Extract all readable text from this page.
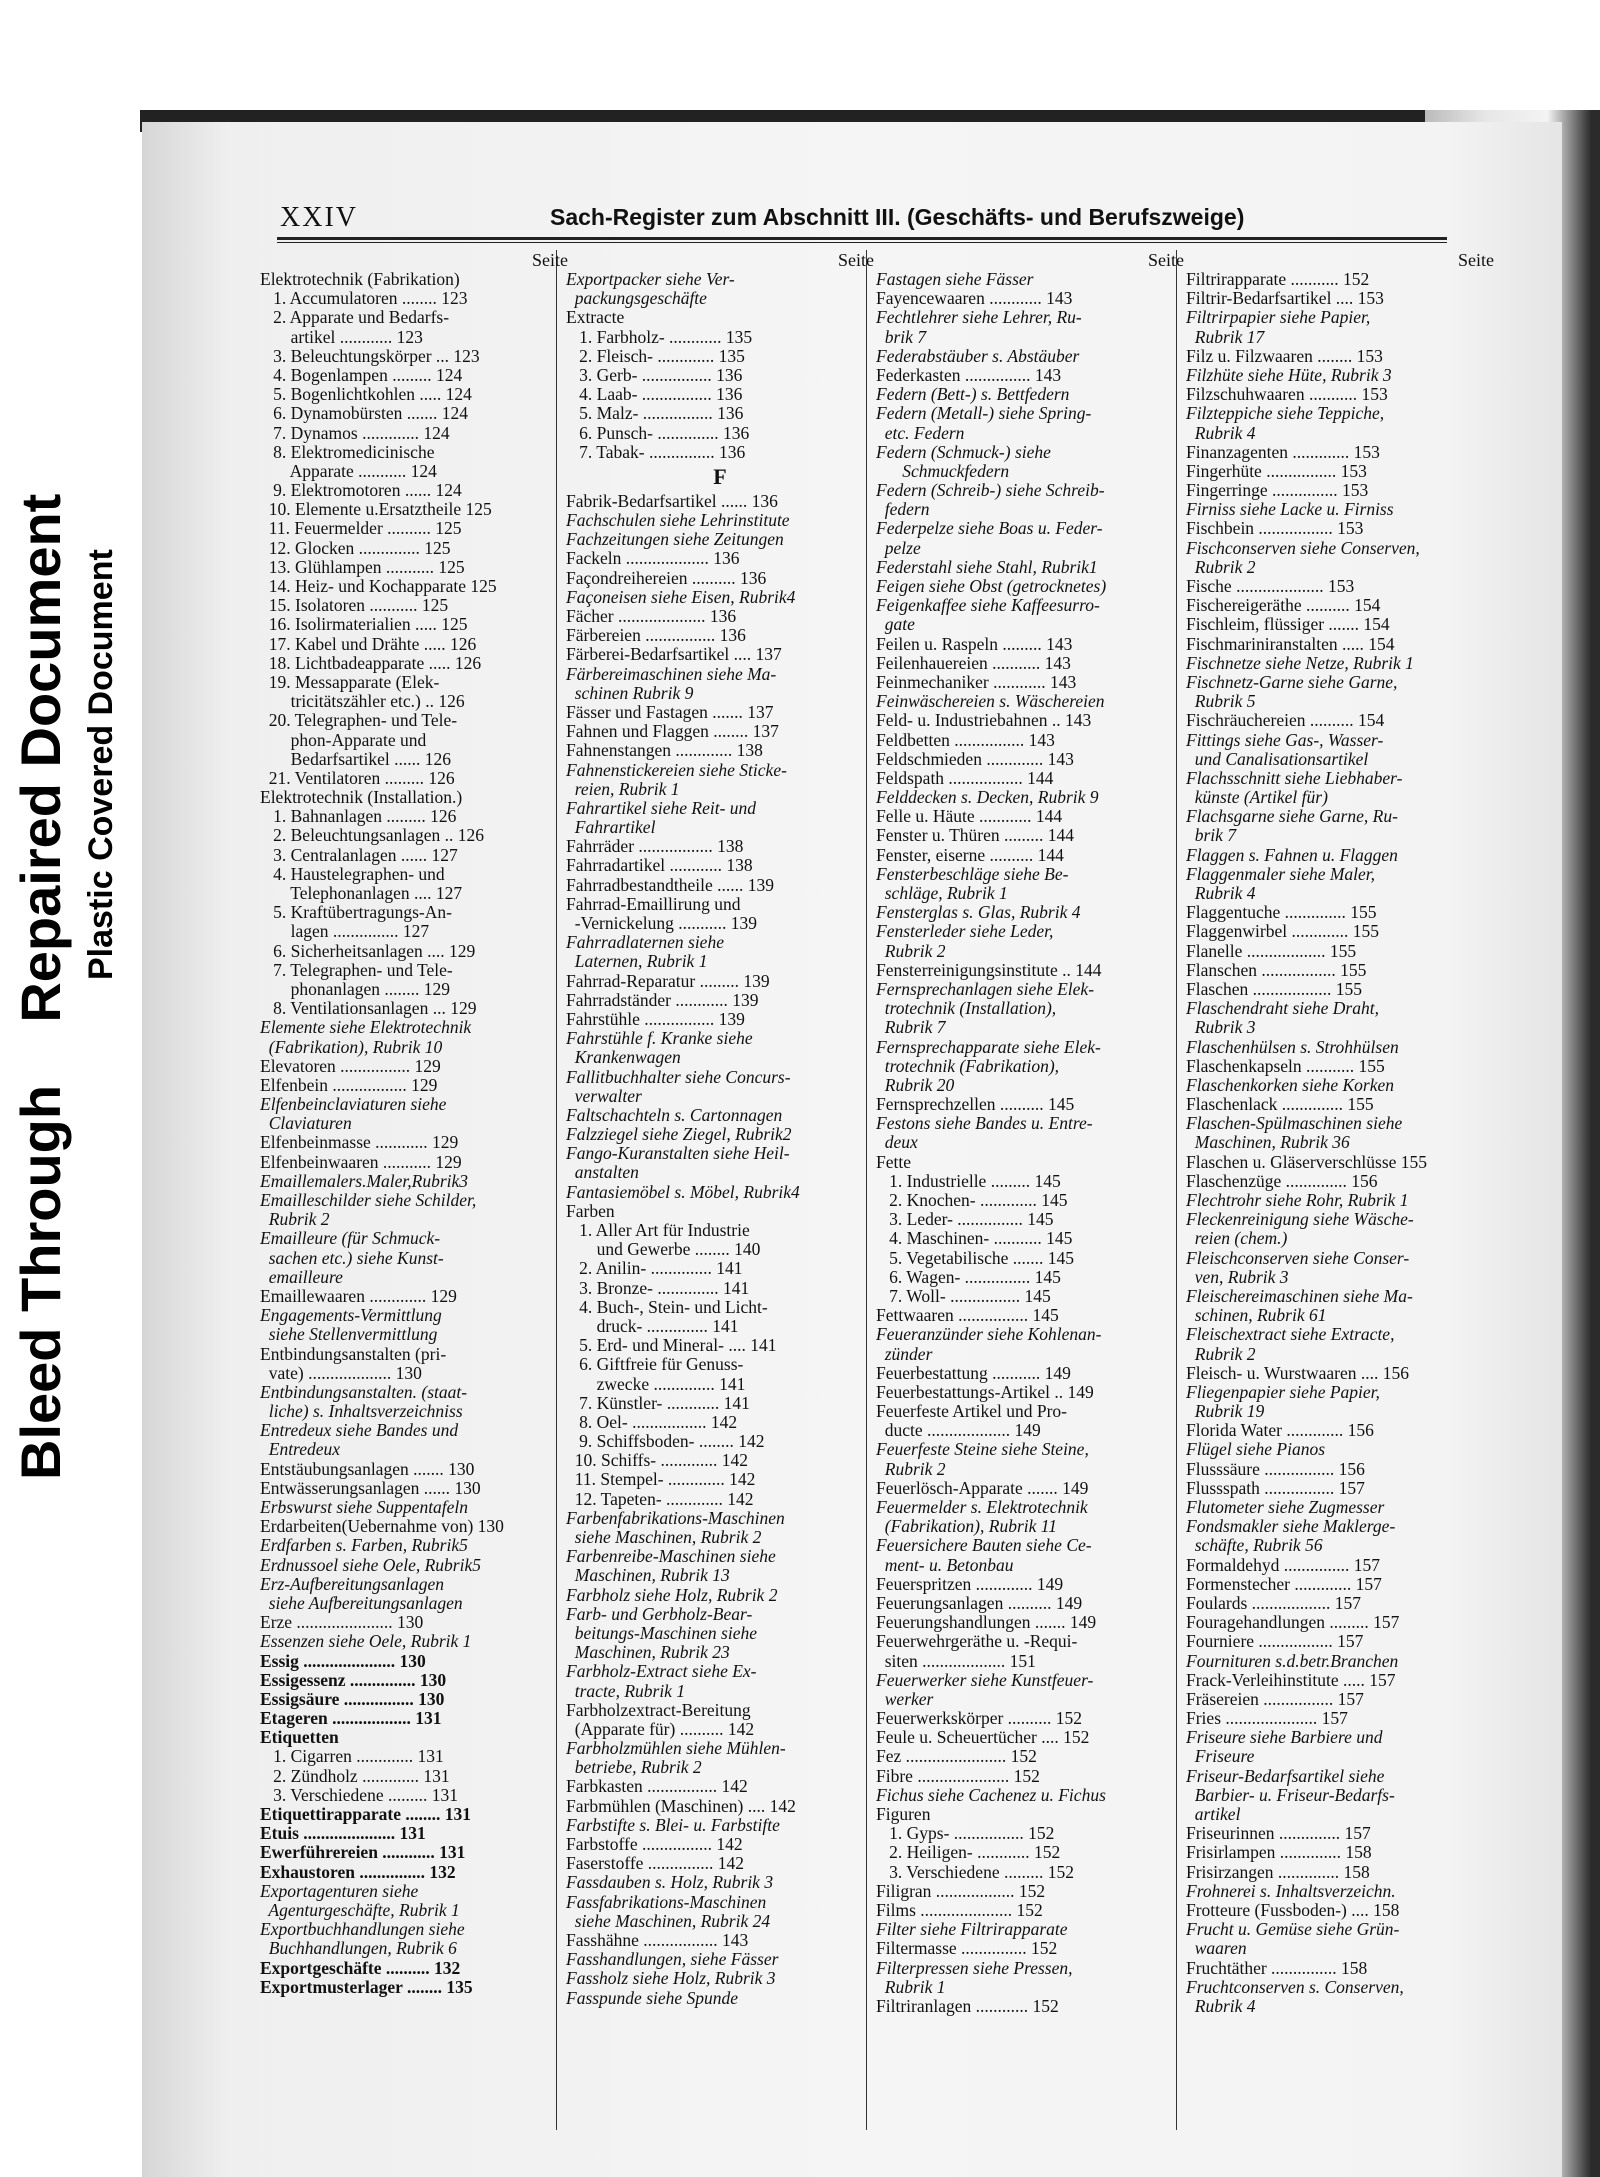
Bleed Through    Repaired Document Plastic Covered Document
XXIV	Sach-Register zum Abschnitt III. (Geschäfts- und Berufszweige)
Seite
Elektrotechnik (Fabrikation)
1. Accumulatoren ........ 123
2. Apparate und Bedarfs-
artikel ............ 123
3. Beleuchtungskörper ... 123
4. Bogenlampen ......... 124
5. Bogenlichtkohlen ..... 124
6. Dynamobürsten ....... 124
7. Dynamos ............. 124
8. Elektromedicinische
Apparate ........... 124
9. Elektromotoren ...... 124
10. Elemente u.Ersatztheile 125
11. Feuermelder .......... 125
12. Glocken .............. 125
13. Glühlampen ........... 125
14. Heiz- und Kochapparate 125
15. Isolatoren ........... 125
16. Isolirmaterialien ..... 125
17. Kabel und Drähte ..... 126
18. Lichtbadeapparate ..... 126
19. Messapparate (Elek-
tricitätszähler etc.) .. 126
20. Telegraphen- und Tele-
phon-Apparate und
Bedarfsartikel ...... 126
21. Ventilatoren ......... 126
Elektrotechnik (Installation.)
1. Bahnanlagen ......... 126
2. Beleuchtungsanlagen .. 126
3. Centralanlagen ...... 127
4. Haustelegraphen- und
Telephonanlagen .... 127
5. Kraftübertragungs-An-
lagen ............... 127
6. Sicherheitsanlagen .... 129
7. Telegraphen- und Tele-
phonanlagen ........ 129
8. Ventilationsanlagen ... 129
Elemente siehe Elektrotechnik
(Fabrikation), Rubrik 10
Elevatoren ................ 129
Elfenbein ................. 129
Elfenbeinclaviaturen siehe
Claviaturen
Elfenbeinmasse ............ 129
Elfenbeinwaaren ........... 129
Emaillemalers.Maler,Rubrik3
Emailleschilder siehe Schilder,
Rubrik 2
Emailleure (für Schmuck-
sachen etc.) siehe Kunst-
emailleure
Emaillewaaren ............. 129
Engagements-Vermittlung
siehe Stellenvermittlung
Entbindungsanstalten (pri-
vate) ................... 130
Entbindungsanstalten. (staat-
liche) s. Inhaltsverzeichniss
Entredeux siehe Bandes und
Entredeux
Entstäubungsanlagen ....... 130
Entwässerungsanlagen ...... 130
Erbswurst siehe Suppentafeln
Erdarbeiten(Uebernahme von) 130
Erdfarben s. Farben, Rubrik5
Erdnussoel siehe Oele, Rubrik5
Erz-Aufbereitungsanlagen
siehe Aufbereitungsanlagen
Erze ...................... 130
Essenzen siehe Oele, Rubrik 1
Essig ..................... 130
Essigessenz ............... 130
Essigsäure ................ 130
Etageren .................. 131
Etiquetten
1. Cigarren ............. 131
2. Zündholz ............. 131
3. Verschiedene ......... 131
Etiquettirapparate ........ 131
Etuis ..................... 131
Ewerführereien ............ 131
Exhaustoren ............... 132
Exportagenturen siehe
Agenturgeschäfte, Rubrik 1
Exportbuchhandlungen siehe
Buchhandlungen, Rubrik 6
Exportgeschäfte .......... 132
Exportmusterlager ........ 135
Seite
Exportpacker siehe Ver-
packungsgeschäfte
Extracte
1. Farbholz- ............ 135
2. Fleisch- ............. 135
3. Gerb- ................ 136
4. Laab- ................ 136
5. Malz- ................ 136
6. Punsch- .............. 136
7. Tabak- ............... 136
F
Fabrik-Bedarfsartikel ...... 136
Fachschulen siehe Lehrinstitute
Fachzeitungen siehe Zeitungen
Fackeln ................... 136
Façondreihereien .......... 136
Façoneisen siehe Eisen, Rubrik4
Fächer .................... 136
Färbereien ................ 136
Färberei-Bedarfsartikel .... 137
Färbereimaschinen siehe Ma-
schinen Rubrik 9
Fässer und Fastagen ....... 137
Fahnen und Flaggen ........ 137
Fahnenstangen ............. 138
Fahnenstickereien siehe Sticke-
reien, Rubrik 1
Fahrartikel siehe Reit- und
Fahrartikel
Fahrräder ................. 138
Fahrradartikel ............ 138
Fahrradbestandtheile ...... 139
Fahrrad-Emaillirung und
-Vernickelung ........... 139
Fahrradlaternen siehe
Laternen, Rubrik 1
Fahrrad-Reparatur ......... 139
Fahrradständer ............ 139
Fahrstühle ................ 139
Fahrstühle f. Kranke siehe
Krankenwagen
Fallitbuchhalter siehe Concurs-
verwalter
Faltschachteln s. Cartonnagen
Falzziegel siehe Ziegel, Rubrik2
Fango-Kuranstalten siehe Heil-
anstalten
Fantasiemöbel s. Möbel, Rubrik4
Farben
1. Aller Art für Industrie
und Gewerbe ........ 140
2. Anilin- .............. 141
3. Bronze- .............. 141
4. Buch-, Stein- und Licht-
druck- .............. 141
5. Erd- und Mineral- .... 141
6. Giftfreie für Genuss-
zwecke .............. 141
7. Künstler- ............ 141
8. Oel- ................. 142
9. Schiffsboden- ........ 142
10. Schiffs- ............. 142
11. Stempel- ............. 142
12. Tapeten- ............. 142
Farbenfabrikations-Maschinen
siehe Maschinen, Rubrik 2
Farbenreibe-Maschinen siehe
Maschinen, Rubrik 13
Farbholz siehe Holz, Rubrik 2
Farb- und Gerbholz-Bear-
beitungs-Maschinen siehe
Maschinen, Rubrik 23
Farbholz-Extract siehe Ex-
tracte, Rubrik 1
Farbholzextract-Bereitung
(Apparate für) .......... 142
Farbholzmühlen siehe Mühlen-
betriebe, Rubrik 2
Farbkasten ................ 142
Farbmühlen (Maschinen) .... 142
Farbstifte s. Blei- u. Farbstifte
Farbstoffe ................ 142
Faserstoffe ............... 142
Fassdauben s. Holz, Rubrik 3
Fassfabrikations-Maschinen
siehe Maschinen, Rubrik 24
Fasshähne ................. 143
Fasshandlungen, siehe Fässer
Fassholz siehe Holz, Rubrik 3
Fasspunde siehe Spunde
Seite
Fastagen siehe Fässer
Fayencewaaren ............ 143
Fechtlehrer siehe Lehrer, Ru-
brik 7
Federabstäuber s. Abstäuber
Federkasten ............... 143
Federn (Bett-) s. Bettfedern
Federn (Metall-) siehe Spring-
etc. Federn
Federn (Schmuck-) siehe
Schmuckfedern
Federn (Schreib-) siehe Schreib-
federn
Federpelze siehe Boas u. Feder-
pelze
Federstahl siehe Stahl, Rubrik1
Feigen siehe Obst (getrocknetes)
Feigenkaffee siehe Kaffeesurro-
gate
Feilen u. Raspeln ......... 143
Feilenhauereien ........... 143
Feinmechaniker ............ 143
Feinwäschereien s. Wäschereien
Feld- u. Industriebahnen .. 143
Feldbetten ................ 143
Feldschmieden ............. 143
Feldspath ................. 144
Felddecken s. Decken, Rubrik 9
Felle u. Häute ............ 144
Fenster u. Thüren ......... 144
Fenster, eiserne .......... 144
Fensterbeschläge siehe Be-
schläge, Rubrik 1
Fensterglas s. Glas, Rubrik 4
Fensterleder siehe Leder,
Rubrik 2
Fensterreinigungsinstitute .. 144
Fernsprechanlagen siehe Elek-
trotechnik (Installation),
Rubrik 7
Fernsprechapparate siehe Elek-
trotechnik (Fabrikation),
Rubrik 20
Fernsprechzellen .......... 145
Festons siehe Bandes u. Entre-
deux
Fette
1. Industrielle ......... 145
2. Knochen- ............. 145
3. Leder- ............... 145
4. Maschinen- ........... 145
5. Vegetabilische ....... 145
6. Wagen- ............... 145
7. Woll- ................ 145
Fettwaaren ................ 145
Feueranzünder siehe Kohlenan-
zünder
Feuerbestattung ........... 149
Feuerbestattungs-Artikel .. 149
Feuerfeste Artikel und Pro-
ducte ................... 149
Feuerfeste Steine siehe Steine,
Rubrik 2
Feuerlösch-Apparate ....... 149
Feuermelder s. Elektrotechnik
(Fabrikation), Rubrik 11
Feuersichere Bauten siehe Ce-
ment- u. Betonbau
Feuerspritzen ............. 149
Feuerungsanlagen .......... 149
Feuerungshandlungen ....... 149
Feuerwehrgeräthe u. -Requi-
siten ................... 151
Feuerwerker siehe Kunstfeuer-
werker
Feuerwerkskörper .......... 152
Feule u. Scheuertücher .... 152
Fez ....................... 152
Fibre ..................... 152
Fichus siehe Cachenez u. Fichus
Figuren
1. Gyps- ................ 152
2. Heiligen- ............ 152
3. Verschiedene ......... 152
Filigran .................. 152
Films ..................... 152
Filter siehe Filtrirapparate
Filtermasse ............... 152
Filterpressen siehe Pressen,
Rubrik 1
Filtriranlagen ............ 152
Seite
Filtrirapparate ........... 152
Filtrir-Bedarfsartikel .... 153
Filtrirpapier siehe Papier,
Rubrik 17
Filz u. Filzwaaren ........ 153
Filzhüte siehe Hüte, Rubrik 3
Filzschuhwaaren ........... 153
Filzteppiche siehe Teppiche,
Rubrik 4
Finanzagenten ............. 153
Fingerhüte ................ 153
Fingerringe ............... 153
Firniss siehe Lacke u. Firniss
Fischbein ................. 153
Fischconserven siehe Conserven,
Rubrik 2
Fische .................... 153
Fischereigeräthe .......... 154
Fischleim, flüssiger ....... 154
Fischmariniranstalten ..... 154
Fischnetze siehe Netze, Rubrik 1
Fischnetz-Garne siehe Garne,
Rubrik 5
Fischräuchereien .......... 154
Fittings siehe Gas-, Wasser-
und Canalisationsartikel
Flachsschnitt siehe Liebhaber-
künste (Artikel für)
Flachsgarne siehe Garne, Ru-
brik 7
Flaggen s. Fahnen u. Flaggen
Flaggenmaler siehe Maler,
Rubrik 4
Flaggentuche .............. 155
Flaggenwirbel ............. 155
Flanelle .................. 155
Flanschen ................. 155
Flaschen .................. 155
Flaschendraht siehe Draht,
Rubrik 3
Flaschenhülsen s. Strohhülsen
Flaschenkapseln ........... 155
Flaschenkorken siehe Korken
Flaschenlack .............. 155
Flaschen-Spülmaschinen siehe
Maschinen, Rubrik 36
Flaschen u. Gläserverschlüsse 155
Flaschenzüge .............. 156
Flechtrohr siehe Rohr, Rubrik 1
Fleckenreinigung siehe Wäsche-
reien (chem.)
Fleischconserven siehe Conser-
ven, Rubrik 3
Fleischereimaschinen siehe Ma-
schinen, Rubrik 61
Fleischextract siehe Extracte,
Rubrik 2
Fleisch- u. Wurstwaaren .... 156
Fliegenpapier siehe Papier,
Rubrik 19
Florida Water ............. 156
Flügel siehe Pianos
Flusssäure ................ 156
Flussspath ................ 157
Flutometer siehe Zugmesser
Fondsmakler siehe Maklerge-
schäfte, Rubrik 56
Formaldehyd ............... 157
Formenstecher ............. 157
Foulards .................. 157
Fouragehandlungen ......... 157
Fourniere ................. 157
Fournituren s.d.betr.Branchen
Frack-Verleihinstitute ..... 157
Fräsereien ................ 157
Fries ..................... 157
Friseure siehe Barbiere und
Friseure
Friseur-Bedarfsartikel siehe
Barbier- u. Friseur-Bedarfs-
artikel
Friseurinnen .............. 157
Frisirlampen .............. 158
Frisirzangen .............. 158
Frohnerei s. Inhaltsverzeichn.
Frotteure (Fussboden-) .... 158
Frucht u. Gemüse siehe Grün-
waaren
Fruchtäther ............... 158
Fruchtconserven s. Conserven,
Rubrik 4
